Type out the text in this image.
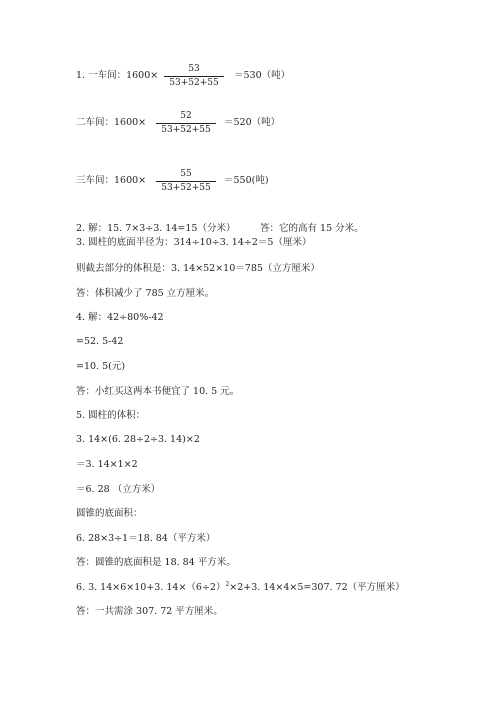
1. 一车间：$1600\times \frac{53}{53+52+55} =530$（吨）
二车间：$1600\times \frac{52}{53+52+55} =520$（吨）
三车间：$1600\times \frac{55}{53+52+55} =550$(吨)
2. 解：15. 7×3÷3. 14=15（分米）	答：它的高有 15 分米。
3. 圆柱的底面半径为：314÷10÷3. 14÷2＝5（厘米）
则截去部分的体积是：3. 14×52×10＝785（立方厘米）
答：体积减少了 785 立方厘米。
4. 解：42÷80%-42
=52. 5-42
=10. 5(元)
答：小红买这两本书便宜了 10. 5 元。
5. 圆柱的体积：
3. 14×(6. 28÷2÷3. 14)×2
＝3. 14×1×2
＝6. 28 （立方米）
圆锥的底面积：
6. 28×3÷1＝18. 84（平方米）
答：圆锥的底面积是 18. 84 平方米。
6. 3. 14×6×10+3. $14\times(6\div 2)^2\times 2+3$. 14×4×5=307. 72（平方厘米）
答：一共需涂 307. 72 平方厘米。
